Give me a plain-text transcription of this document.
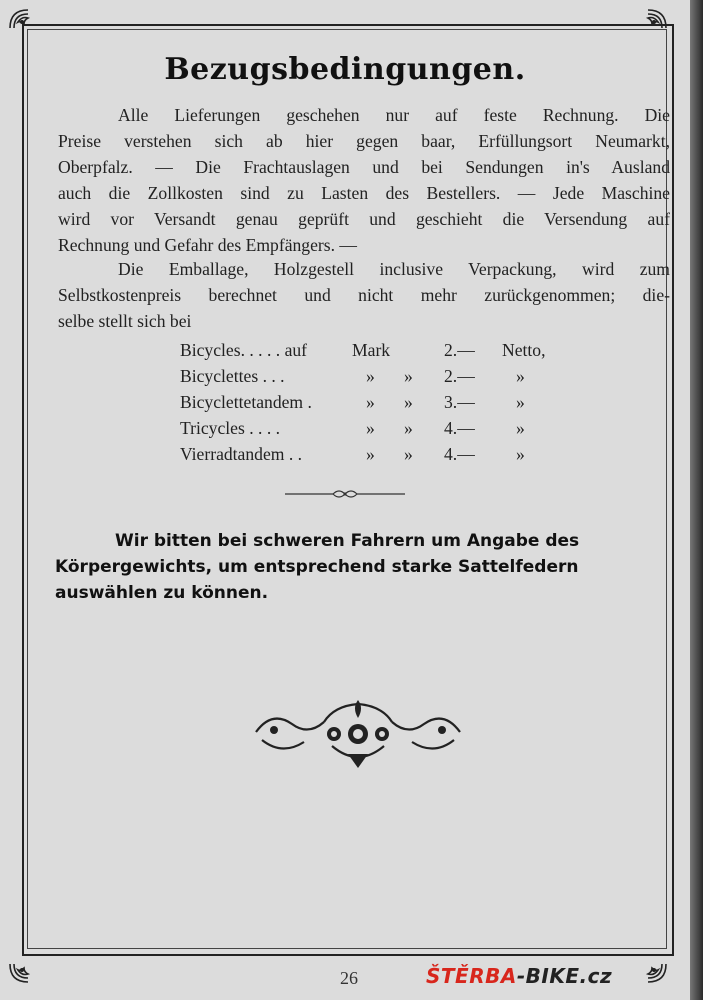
Bezugsbedingungen.
Alle Lieferungen geschehen nur auf feste Rechnung. Die
Preise verstehen sich ab hier gegen baar, Erfüllungsort Neumarkt,
Oberpfalz. — Die Frachtauslagen und bei Sendungen in's Ausland
auch die Zollkosten sind zu Lasten des Bestellers. — Jede Maschine
wird vor Versandt genau geprüft und geschieht die Versendung auf
Rechnung und Gefahr des Empfängers. —
Die Emballage, Holzgestell inclusive Verpackung, wird zum
Selbstkostenpreis berechnet und nicht mehr zurückgenommen; die-
selbe stellt sich bei
Bicycles. . . . . auf	Mark	2.— Netto,
Bicyclettes . . .	» » 2.— »
Bicyclettetandem .	» » 3.— »
Tricycles . . . .	» » 4.— »
Vierradtandem . .	» » 4.— »
Wir bitten bei schweren Fahrern um Angabe des
Körpergewichts, um entsprechend starke Sattelfedern
auswählen zu können.
26	ŠTĚRBA-BIKE.cz
